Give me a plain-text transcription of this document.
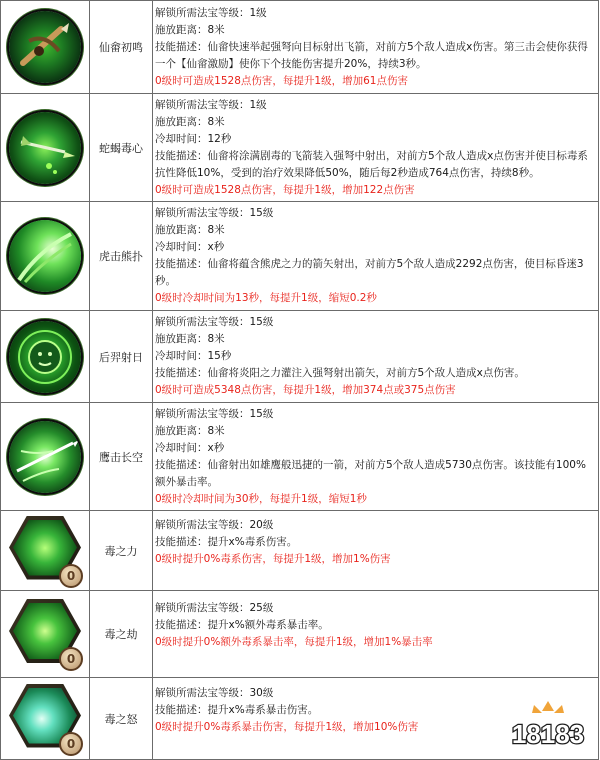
	仙畲初鸣	解锁所需法宝等级：1级
施放距离：8米
技能描述：仙畲快速举起强弩向目标射出飞箭，对前方5个敌人造成x伤害。第三击会使你获得一个【仙畲激励】使你下个技能伤害提升20%，持续3秒。
0级时可造成1528点伤害，每提升1级，增加61点伤害

	蛇蝎毒心	解锁所需法宝等级：1级
施放距离：8米
冷却时间：12秒
技能描述：仙畲将涂满剧毒的飞箭装入强弩中射出，对前方5个敌人造成x点伤害并使目标毒系抗性降低10%，受到的治疗效果降低50%，随后每2秒造成764点伤害，持续8秒。
0级时可造成1528点伤害，每提升1级，增加122点伤害

	虎击熊扑	解锁所需法宝等级：15级
施放距离：8米
冷却时间：x秒
技能描述：仙畲将蕴含熊虎之力的箭矢射出，对前方5个敌人造成2292点伤害，使目标昏迷3秒。
0级时冷却时间为13秒，每提升1级，缩短0.2秒

	后羿射日	解锁所需法宝等级：15级
施放距离：8米
冷却时间：15秒
技能描述：仙畲将炎阳之力灌注入强弩射出箭矢，对前方5个敌人造成x点伤害。
0级时可造成5348点伤害，每提升1级，增加374点或375点伤害

	鹰击长空	解锁所需法宝等级：15级
施放距离：8米
冷却时间：x秒
技能描述：仙畲射出如雄鹰般迅捷的一箭，对前方5个敌人造成5730点伤害。该技能有100%额外暴击率。
0级时冷却时间为30秒，每提升1级，缩短1秒

0	毒之力	解锁所需法宝等级：20级
技能描述：提升x%毒系伤害。
0级时提升0%毒系伤害，每提升1级，增加1%伤害

0	毒之劫	解锁所需法宝等级：25级
技能描述：提升x%额外毒系暴击率。
0级时提升0%额外毒系暴击率，每提升1级，增加1%暴击率

0	毒之怒	解锁所需法宝等级：30级
技能描述：提升x%毒系暴击伤害。
0级时提升0%毒系暴击伤害，每提升1级，增加10%伤害	18183
